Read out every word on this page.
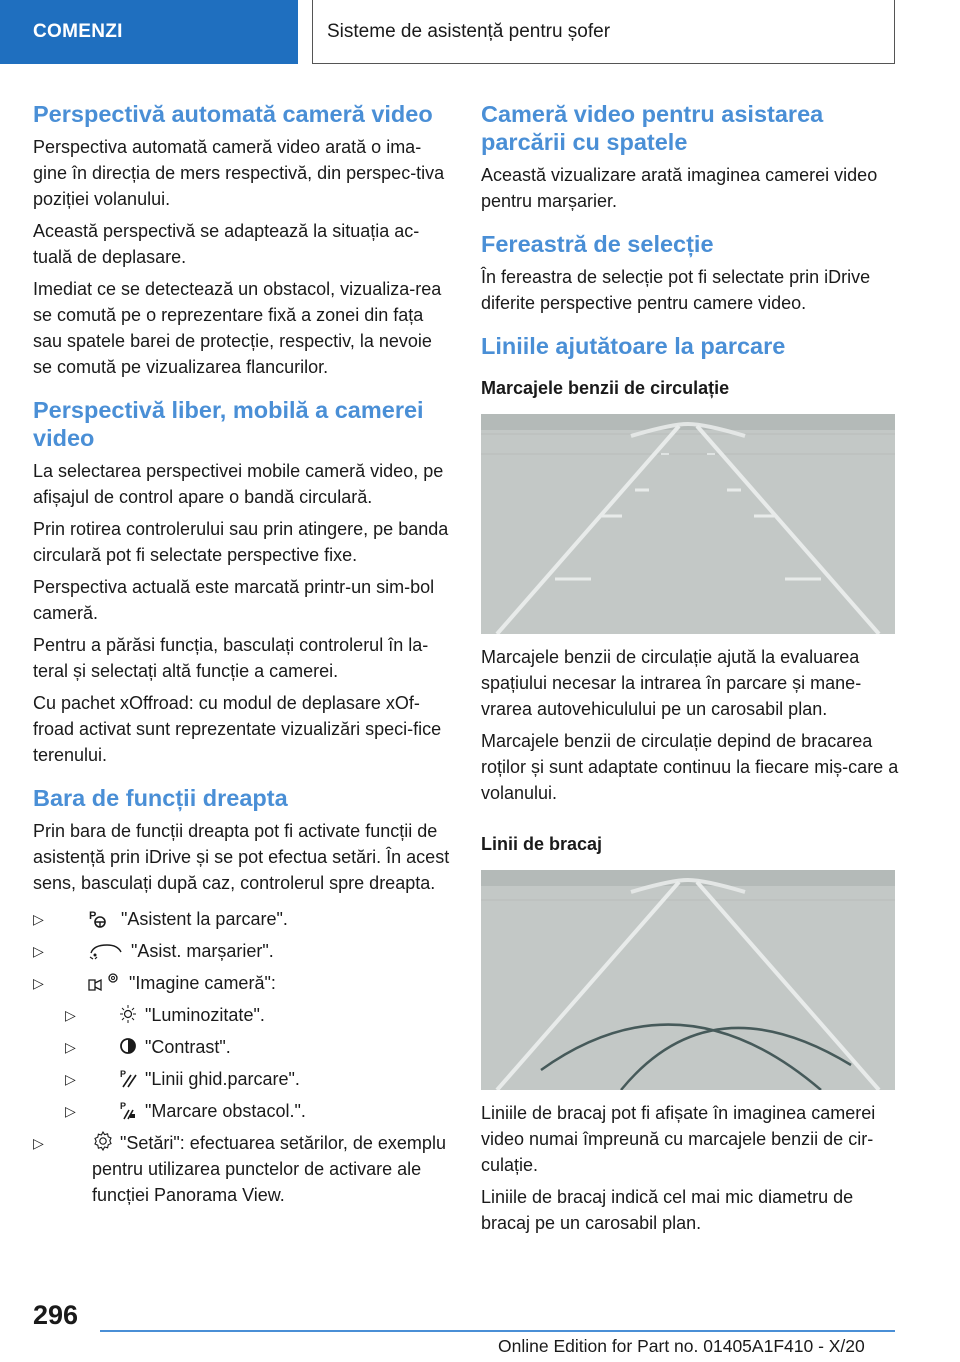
COMENZI	Sisteme de asistență pentru șofer
Perspectivă automată cameră video

Perspectiva automată cameră video arată o ima-gine în direcția de mers respectivă, din perspec-tiva poziției volanului.

Această perspectivă se adaptează la situația ac-tuală de deplasare.

Imediat ce se detectează un obstacol, vizualiza-rea se comută pe o reprezentare fixă a zonei din fața sau spatele barei de protecție, respectiv, la nevoie se comută pe vizualizarea flancurilor.

Perspectivă liber, mobilă a camerei video

La selectarea perspectivei mobile cameră video, pe afișajul de control apare o bandă circulară.

Prin rotirea controlerului sau prin atingere, pe banda circulară pot fi selectate perspective fixe.

Perspectiva actuală este marcată printr-un sim-bol cameră.

Pentru a părăsi funcția, basculați controlerul în la-teral și selectați altă funcție a camerei.

Cu pachet xOffroad: cu modul de deplasare xOf-froad activat sunt reprezentate vizualizări speci-fice terenului.

Bara de funcții dreapta

Prin bara de funcții dreapta pot fi activate funcții de asistență prin iDrive și se pot efectua setări. În acest sens, basculați după caz, controlerul spre dreapta.

▷	P "Asistent la parcare".
▷	"Asist. marșarier".
▷	"Imagine cameră":
▷	"Luminozitate".
▷	"Contrast".
▷	P "Linii ghid.parcare".
▷	P "Marcare obstacol.".
▷	"Setări": efectuarea setărilor, de exemplu pentru utilizarea punctelor de activare ale funcției Panorama View.
Cameră video pentru asistarea parcării cu spatele

Această vizualizare arată imaginea camerei video pentru marșarier.

Fereastră de selecție

În fereastra de selecție pot fi selectate prin iDrive diferite perspective pentru camere video.

Liniile ajutătoare la parcare
Marcajele benzii de circulație

Marcajele benzii de circulație ajută la evaluarea spațiului necesar la intrarea în parcare și mane-vrarea autovehiculului pe un carosabil plan.

Marcajele benzii de circulație depind de bracarea roților și sunt adaptate continuu la fiecare miș-care a volanului.

Linii de bracaj

Liniile de bracaj pot fi afișate în imaginea camerei video numai împreună cu marcajele benzii de cir-culație.

Liniile de bracaj indică cel mai mic diametru de bracaj pe un carosabil plan.

296
Online Edition for Part no. 01405A1F410 - X/20
